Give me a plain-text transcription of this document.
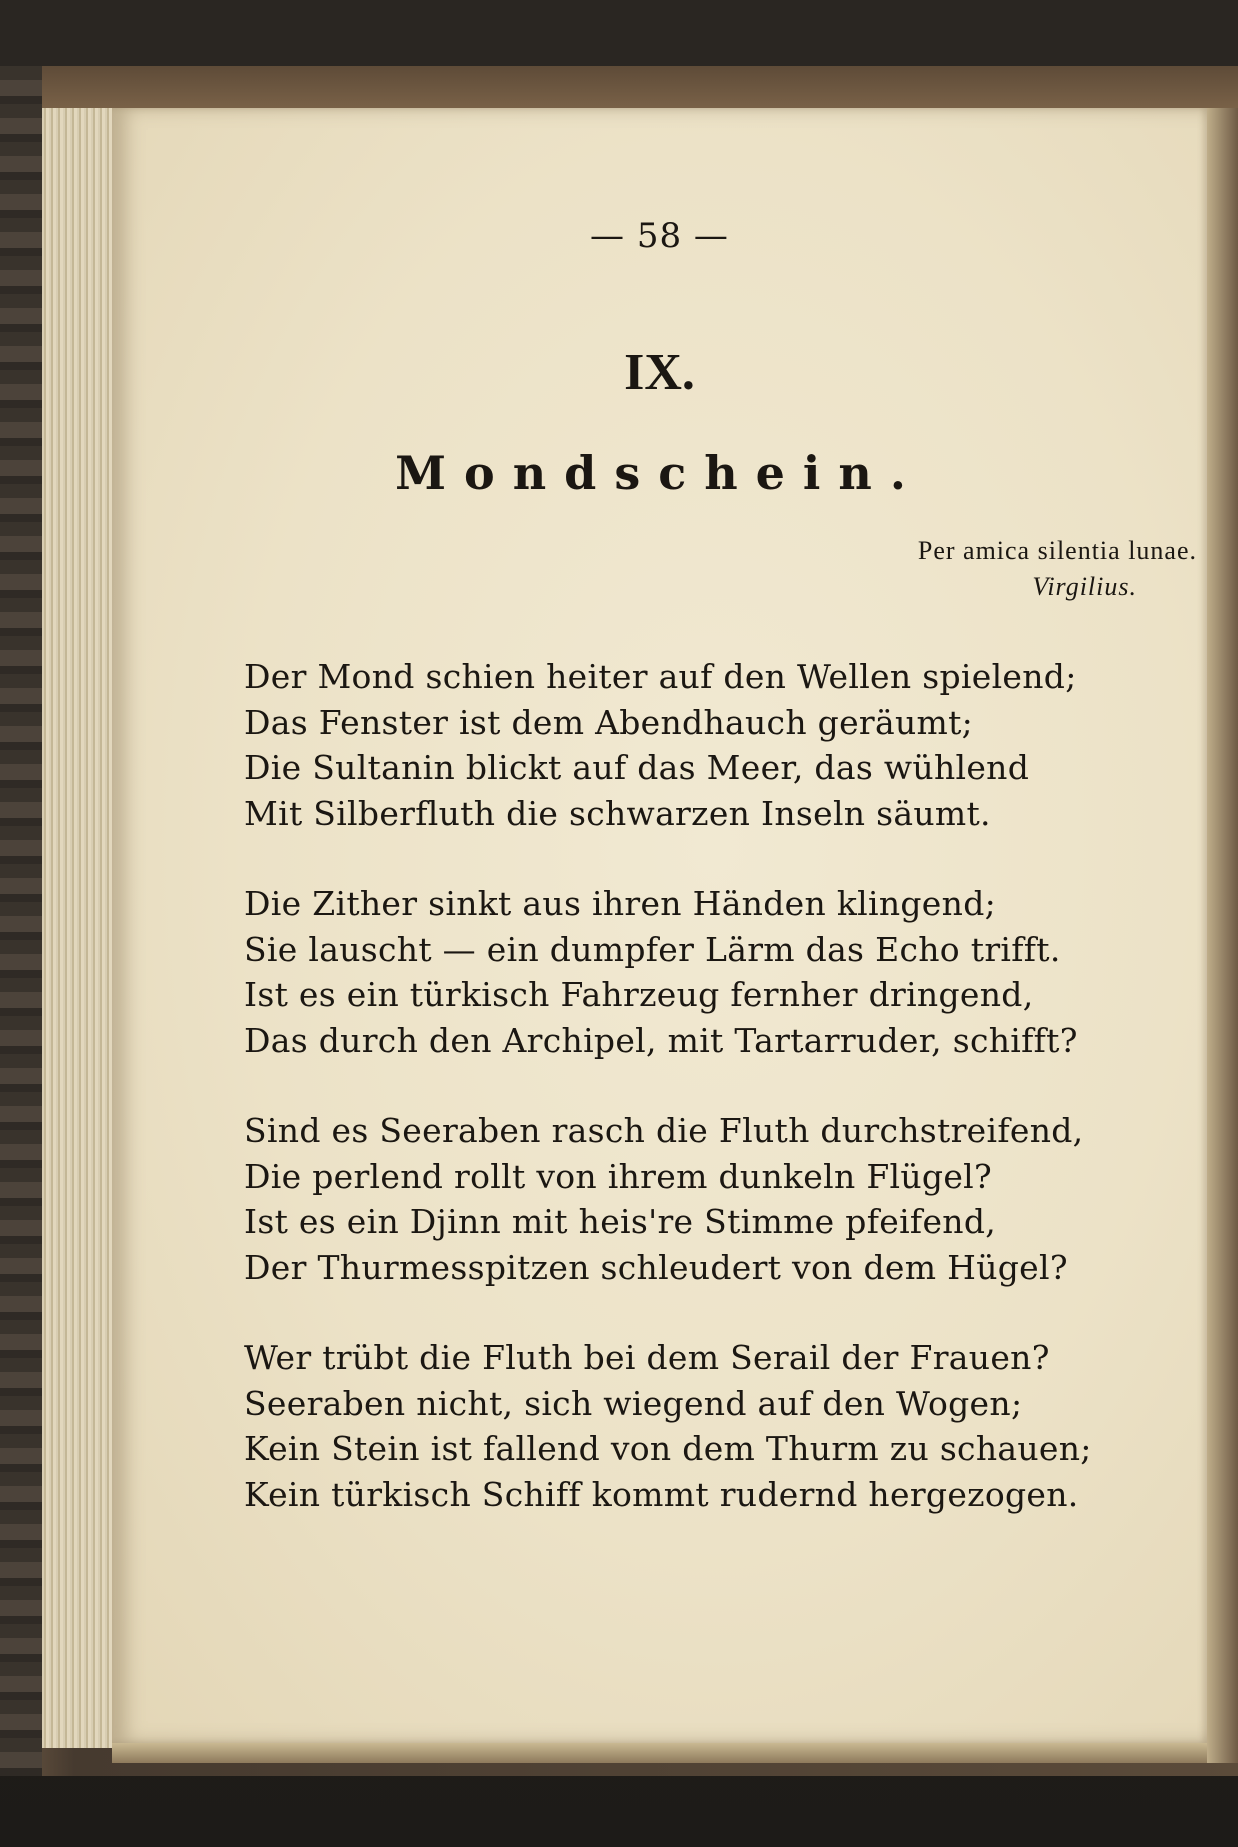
— 58 —
IX.
Mondschein.
Per amica silentia lunae.
Virgilius.
Der Mond schien heiter auf den Wellen spielend;
Das Fenster ist dem Abendhauch geräumt;
Die Sultanin blickt auf das Meer, das wühlend
Mit Silberfluth die schwarzen Inseln säumt.
Die Zither sinkt aus ihren Händen klingend;
Sie lauscht — ein dumpfer Lärm das Echo trifft.
Ist es ein türkisch Fahrzeug fernher dringend,
Das durch den Archipel, mit Tartarruder, schifft?
Sind es Seeraben rasch die Fluth durchstreifend,
Die perlend rollt von ihrem dunkeln Flügel?
Ist es ein Djinn mit heis're Stimme pfeifend,
Der Thurmesspitzen schleudert von dem Hügel?
Wer trübt die Fluth bei dem Serail der Frauen?
Seeraben nicht, sich wiegend auf den Wogen;
Kein Stein ist fallend von dem Thurm zu schauen;
Kein türkisch Schiff kommt rudernd hergezogen.
